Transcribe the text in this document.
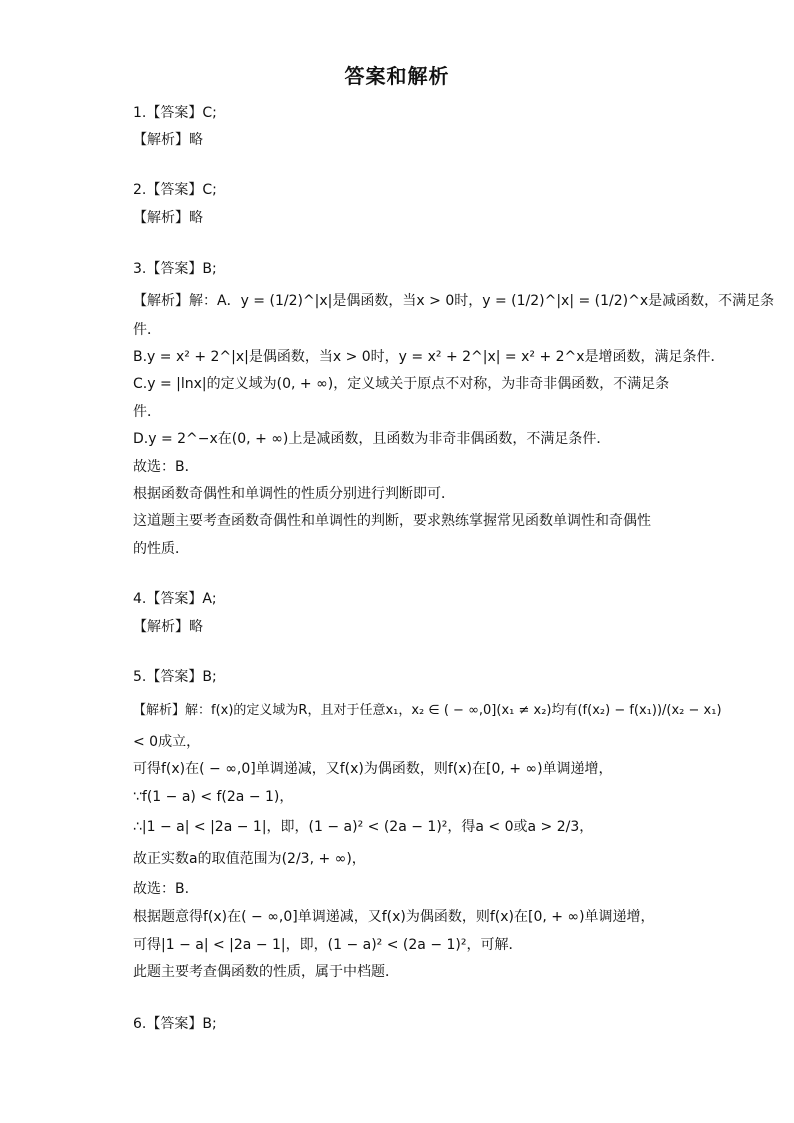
答案和解析
1.【答案】C;
【解析】略
2.【答案】C;
【解析】略
3.【答案】B;
【解析】解：A．y = (1/2)^|x|是偶函数，当x > 0时，y = (1/2)^|x| = (1/2)^x是减函数，不满足条
件．
B.y = x² + 2^|x|是偶函数，当x > 0时，y = x² + 2^|x| = x² + 2^x是增函数，满足条件．
C.y = |lnx|的定义域为(0, + ∞)，定义域关于原点不对称，为非奇非偶函数，不满足条
件．
D.y = 2^−x在(0, + ∞)上是减函数，且函数为非奇非偶函数，不满足条件．
故选：B．
根据函数奇偶性和单调性的性质分别进行判断即可．
这道题主要考查函数奇偶性和单调性的判断，要求熟练掌握常见函数单调性和奇偶性
的性质．
4.【答案】A;
【解析】略
5.【答案】B;
【解析】解：f(x)的定义域为R，且对于任意x₁，x₂ ∈ ( − ∞,0](x₁ ≠ x₂)均有(f(x₂) − f(x₁))/(x₂ − x₁)
< 0成立，
可得f(x)在( − ∞,0]单调递减，又f(x)为偶函数，则f(x)在[0, + ∞)单调递增，
∵f(1 − a) < f(2a − 1)，
∴|1 − a| < |2a − 1|，即，(1 − a)² < (2a − 1)²，得a < 0或a > 2/3，
故正实数a的取值范围为(2/3, + ∞)，
故选：B.
根据题意得f(x)在( − ∞,0]单调递减，又f(x)为偶函数，则f(x)在[0, + ∞)单调递增，
可得|1 − a| < |2a − 1|，即，(1 − a)² < (2a − 1)²，可解．
此题主要考查偶函数的性质，属于中档题．
6.【答案】B;
